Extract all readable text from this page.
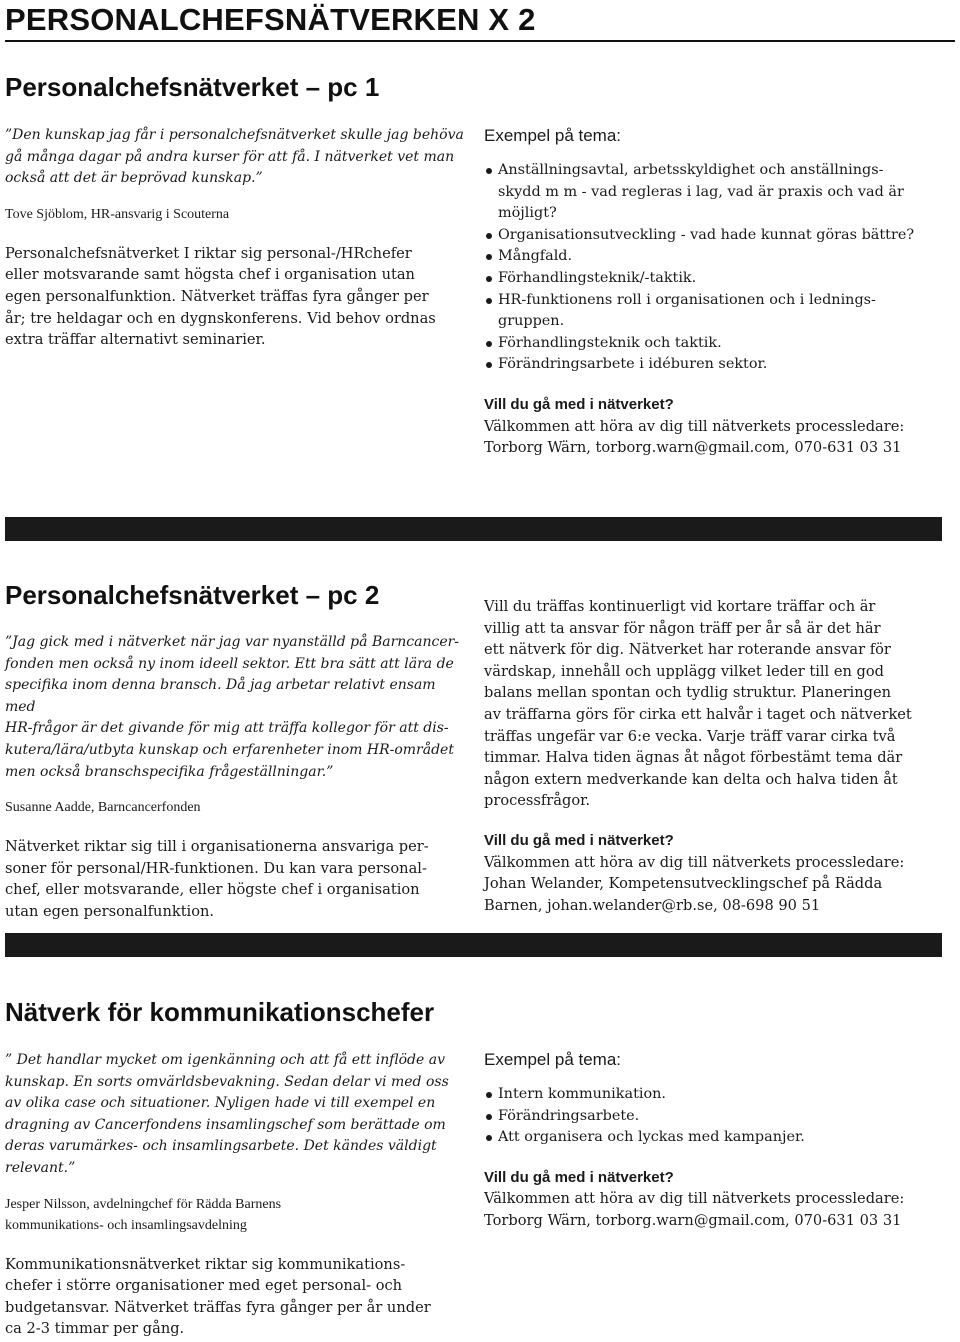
PERSONALCHEFSNÄTVERKEN X 2
Personalchefsnätverket – pc 1
”Den kunskap jag får i personalchefsnätverket skulle jag behöva
gå många dagar på andra kurser för att få. I nätverket vet man
också att det är beprövad kunskap.”
Tove Sjöblom, HR-ansvarig i Scouterna
Personalchefsnätverket I riktar sig personal-/HRchefer
eller motsvarande samt högsta chef i organisation utan
egen personalfunktion. Nätverket träffas fyra gånger per
år; tre heldagar och en dygnskonferens. Vid behov ordnas
extra träffar alternativt seminarier.
Exempel på tema:
Anställningsavtal, arbetsskyldighet och anställnings-
skydd m m - vad regleras i lag, vad är praxis och vad är
möjligt?
Organisationsutveckling - vad hade kunnat göras bättre?
Mångfald.
Förhandlingsteknik/-taktik.
HR-funktionens roll i organisationen och i lednings-
gruppen.
Förhandlingsteknik och taktik.
Förändringsarbete i idéburen sektor.
Vill du gå med i nätverket?
Välkommen att höra av dig till nätverkets processledare:
Torborg Wärn, torborg.warn@gmail.com, 070-631 03 31
Personalchefsnätverket – pc 2
”Jag gick med i nätverket när jag var nyanställd på Barncancer-
fonden men också ny inom ideell sektor. Ett bra sätt att lära de
specifika inom denna bransch. Då jag arbetar relativt ensam med
HR-frågor är det givande för mig att träffa kollegor för att dis-
kutera/lära/utbyta kunskap och erfarenheter inom HR-området
men också branschspecifika frågeställningar.”
Susanne Aadde, Barncancerfonden
Nätverket riktar sig till i organisationerna ansvariga per-
soner för personal/HR-funktionen. Du kan vara personal-
chef, eller motsvarande, eller högste chef i organisation
utan egen personalfunktion.
Vill du träffas kontinuerligt vid kortare träffar och är
villig att ta ansvar för någon träff per år så är det här
ett nätverk för dig. Nätverket har roterande ansvar för
värdskap, innehåll och upplägg vilket leder till en god
balans mellan spontan och tydlig struktur. Planeringen
av träffarna görs för cirka ett halvår i taget och nätverket
träffas ungefär var 6:e vecka. Varje träff varar cirka två
timmar. Halva tiden ägnas åt något förbestämt tema där
någon extern medverkande kan delta och halva tiden åt
processfrågor.
Vill du gå med i nätverket?
Välkommen att höra av dig till nätverkets processledare:
Johan Welander, Kompetensutvecklingschef på Rädda
Barnen, johan.welander@rb.se, 08-698 90 51
Nätverk för kommunikationschefer
” Det handlar mycket om igenkänning och att få ett inflöde av
kunskap. En sorts omvärldsbevakning. Sedan delar vi med oss
av olika case och situationer. Nyligen hade vi till exempel en
dragning av Cancerfondens insamlingschef som berättade om
deras varumärkes- och insamlingsarbete. Det kändes väldigt
relevant.”
Jesper Nilsson, avdelningchef för Rädda Barnens
kommunikations- och insamlingsavdelning
Kommunikationsnätverket riktar sig kommunikations-
chefer i större organisationer med eget personal- och
budgetansvar. Nätverket träffas fyra gånger per år under
ca 2-3 timmar per gång.
Exempel på tema:
Intern kommunikation.
Förändringsarbete.
Att organisera och lyckas med kampanjer.
Vill du gå med i nätverket?
Välkommen att höra av dig till nätverkets processledare:
Torborg Wärn, torborg.warn@gmail.com, 070-631 03 31
